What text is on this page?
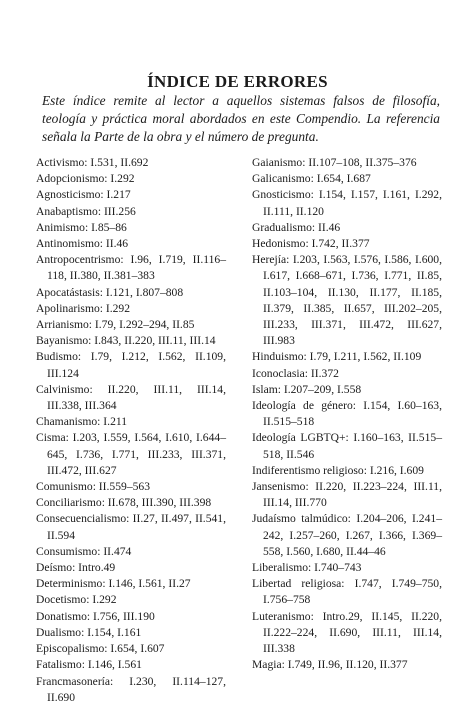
ÍNDICE DE ERRORES
Este índice remite al lector a aquellos sistemas falsos de filosofía, teología y práctica moral abordados en este Compendio. La referencia señala la Parte de la obra y el número de pregunta.
Activismo: I.531, II.692
Adopcionismo: I.292
Agnosticismo: I.217
Anabaptismo: III.256
Animismo: I.85–86
Antinomismo: II.46
Antropocentrismo: I.96, I.719, II.116–118, II.380, II.381–383
Apocatástasis: I.121, I.807–808
Apolinarismo: I.292
Arrianismo: I.79, I.292–294, II.85
Bayanismo: I.843, II.220, III.11, III.14
Budismo: I.79, I.212, I.562, II.109, III.124
Calvinismo: II.220, III.11, III.14, III.338, III.364
Chamanismo: I.211
Cisma: I.203, I.559, I.564, I.610, I.644–645, I.736, I.771, III.233, III.371, III.472, III.627
Comunismo: II.559–563
Conciliarismo: II.678, III.390, III.398
Consecuencialismo: II.27, II.497, II.541, II.594
Consumismo: II.474
Deísmo: Intro.49
Determinismo: I.146, I.561, II.27
Docetismo: I.292
Donatismo: I.756, III.190
Dualismo: I.154, I.161
Episcopalismo: I.654, I.607
Fatalismo: I.146, I.561
Francmasonería: I.230, II.114–127, II.690
Gaianismo: II.107–108, II.375–376
Galicanismo: I.654, I.687
Gnosticismo: I.154, I.157, I.161, I.292, II.111, II.120
Gradualismo: II.46
Hedonismo: I.742, II.377
Herejía: I.203, I.563, I.576, I.586, I.600, I.617, I.668–671, I.736, I.771, II.85, II.103–104, II.130, II.177, II.185, II.379, II.385, II.657, III.202–205, III.233, III.371, III.472, III.627, III.983
Hinduismo: I.79, I.211, I.562, II.109
Iconoclasia: II.372
Islam: I.207–209, I.558
Ideología de género: I.154, I.60–163, II.515–518
Ideología LGBTQ+: I.160–163, II.515–518, II.546
Indiferentismo religioso: I.216, I.609
Jansenismo: II.220, II.223–224, III.11, III.14, III.770
Judaísmo talmúdico: I.204–206, I.241–242, I.257–260, I.267, I.366, I.369–558, I.560, I.680, II.44–46
Liberalismo: I.740–743
Libertad religiosa: I.747, I.749–750, I.756–758
Luteranismo: Intro.29, II.145, II.220, II.222–224, II.690, III.11, III.14, III.338
Magia: I.749, II.96, II.120, II.377
